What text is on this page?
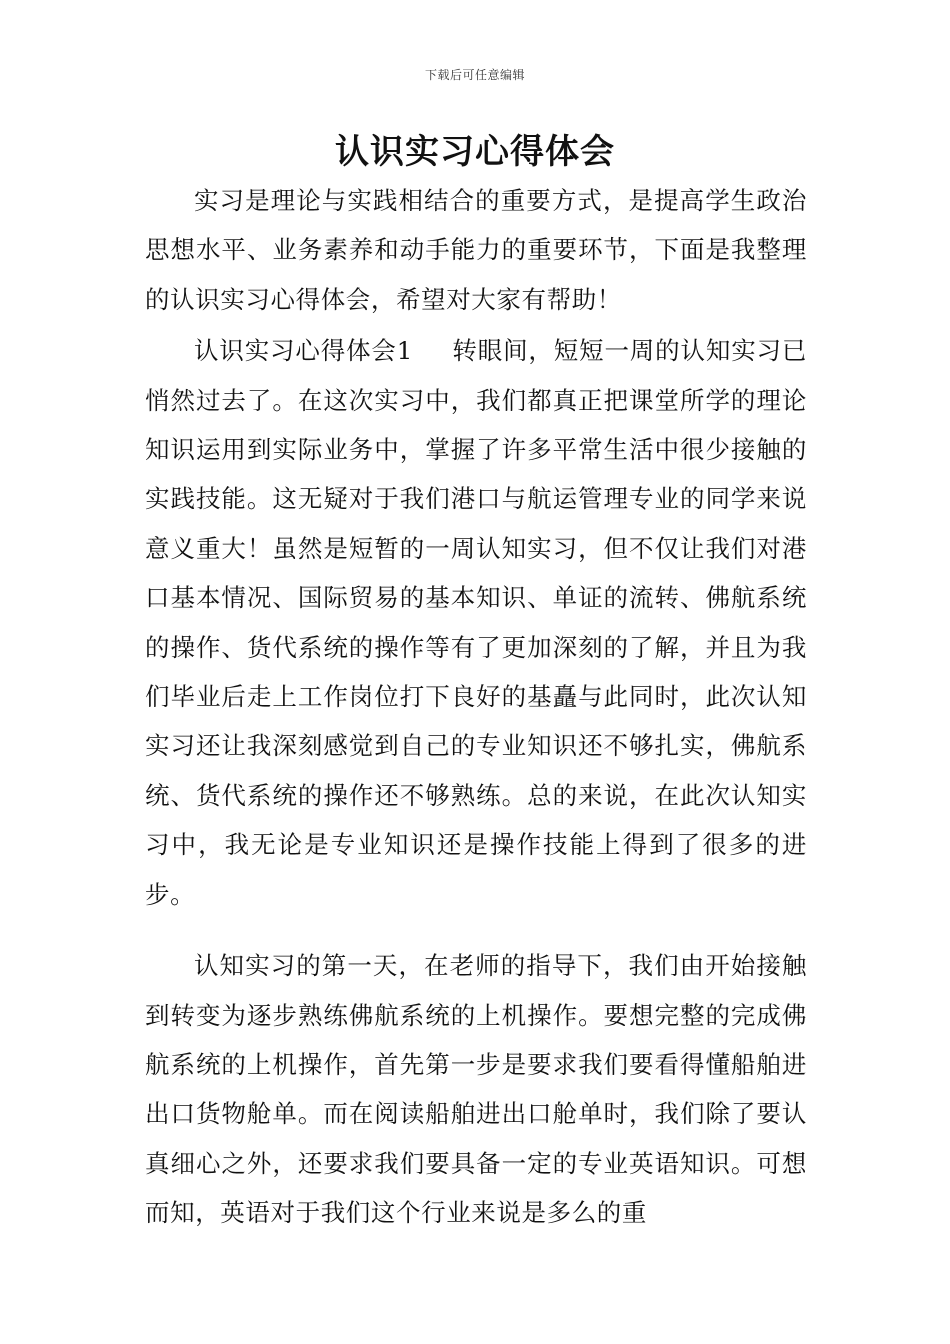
下载后可任意编辑
认识实习心得体会

实习是理论与实践相结合的重要方式，是提高学生政治思想水平、业务素养和动手能力的重要环节，下面是我整理的认识实习心得体会，希望对大家有帮助！

认识实习心得体会1 转眼间，短短一周的认知实习已悄然过去了。在这次实习中，我们都真正把课堂所学的理论知识运用到实际业务中，掌握了许多平常生活中很少接触的实践技能。这无疑对于我们港口与航运管理专业的同学来说意义重大！虽然是短暂的一周认知实习，但不仅让我们对港口基本情况、国际贸易的基本知识、单证的流转、佛航系统的操作、货代系统的操作等有了更加深刻的了解，并且为我们毕业后走上工作岗位打下良好的基矗与此同时，此次认知实习还让我深刻感觉到自己的专业知识还不够扎实，佛航系统、货代系统的操作还不够熟练。总的来说，在此次认知实习中，我无论是专业知识还是操作技能上得到了很多的进步。

认知实习的第一天，在老师的指导下，我们由开始接触到转变为逐步熟练佛航系统的上机操作。要想完整的完成佛航系统的上机操作，首先第一步是要求我们要看得懂船舶进出口货物舱单。而在阅读船舶进出口舱单时，我们除了要认真细心之外，还要求我们要具备一定的专业英语知识。可想而知，英语对于我们这个行业来说是多么的重
